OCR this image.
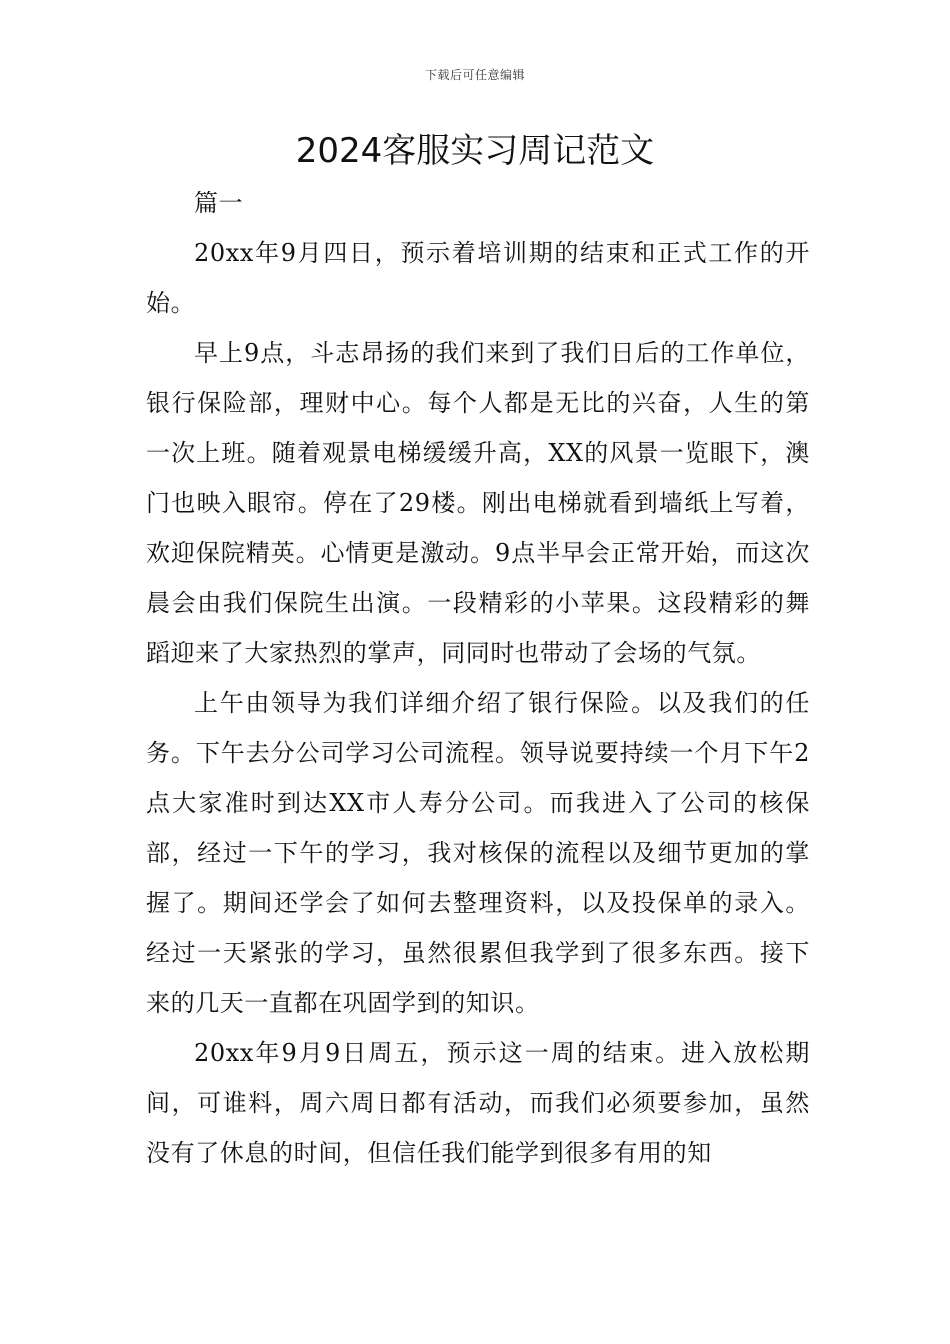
下载后可任意编辑
2024客服实习周记范文

篇一

20xx年9月四日，预示着培训期的结束和正式工作的开始。

早上9点，斗志昂扬的我们来到了我们日后的工作单位，银行保险部，理财中心。每个人都是无比的兴奋，人生的第一次上班。随着观景电梯缓缓升高，XX的风景一览眼下，澳门也映入眼帘。停在了29楼。刚出电梯就看到墙纸上写着，欢迎保院精英。心情更是激动。9点半早会正常开始，而这次晨会由我们保院生出演。一段精彩的小苹果。这段精彩的舞蹈迎来了大家热烈的掌声，同同时也带动了会场的气氛。

上午由领导为我们详细介绍了银行保险。以及我们的任务。下午去分公司学习公司流程。领导说要持续一个月下午2点大家准时到达XX市人寿分公司。而我进入了公司的核保部，经过一下午的学习，我对核保的流程以及细节更加的掌握了。期间还学会了如何去整理资料，以及投保单的录入。经过一天紧张的学习，虽然很累但我学到了很多东西。接下来的几天一直都在巩固学到的知识。

20xx年9月9日周五，预示这一周的结束。进入放松期间，可谁料，周六周日都有活动，而我们必须要参加，虽然没有了休息的时间，但信任我们能学到很多有用的知
